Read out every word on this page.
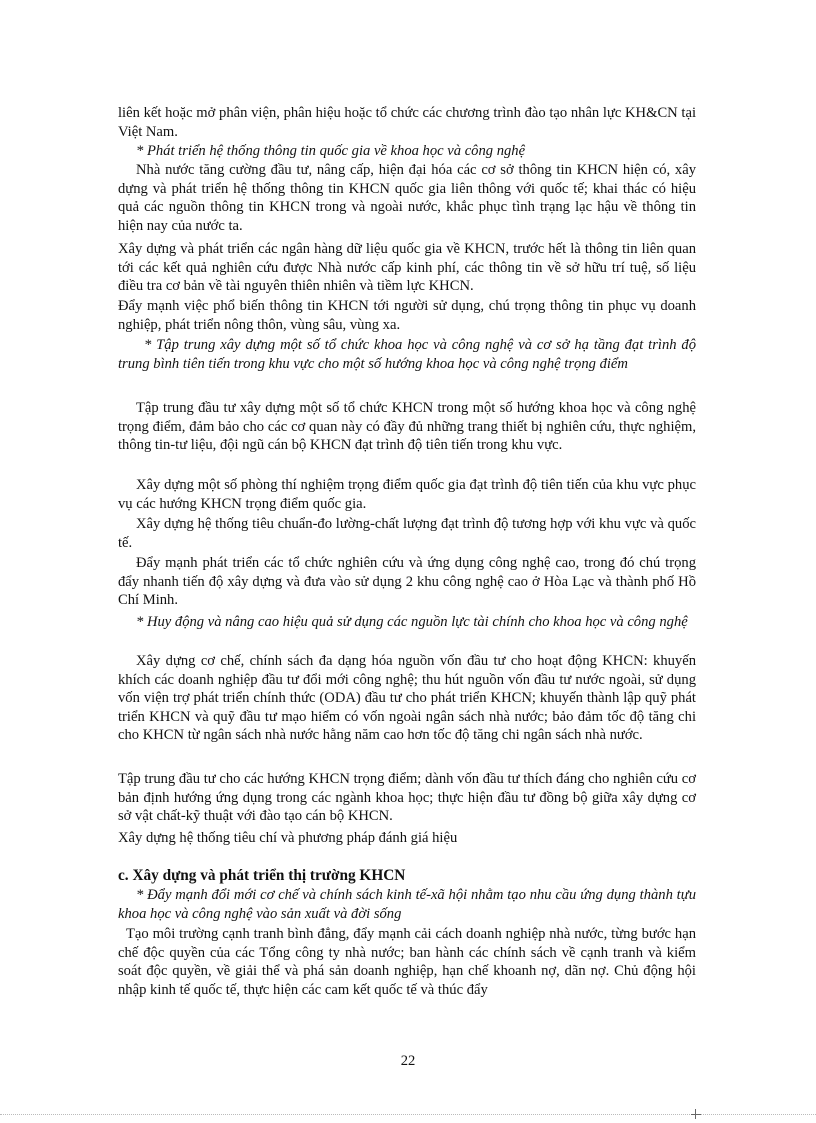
liên kết hoặc mở phân viện, phân hiệu hoặc tổ chức các chương trình đào tạo nhân lực KH&CN tại Việt Nam.

* Phát triển hệ thống thông tin quốc gia về khoa học và công nghệ

Nhà nước tăng cường đầu tư, nâng cấp, hiện đại hóa các cơ sở thông tin KHCN hiện có, xây dựng và phát triển hệ thống thông tin KHCN quốc gia liên thông với quốc tế; khai thác có hiệu quả các nguồn thông tin KHCN trong và ngoài nước, khắc phục tình trạng lạc hậu về thông tin hiện nay của nước ta.

Xây dựng và phát triển các ngân hàng dữ liệu quốc gia về KHCN, trước hết là thông tin liên quan tới các kết quả nghiên cứu được Nhà nước cấp kinh phí, các thông tin về sở hữu trí tuệ, số liệu điều tra cơ bản về tài nguyên thiên nhiên và tiềm lực KHCN.

Đẩy mạnh việc phổ biến thông tin KHCN tới người sử dụng, chú trọng thông tin phục vụ doanh nghiệp, phát triển nông thôn, vùng sâu, vùng xa.

* Tập trung xây dựng một số tổ chức khoa học và công nghệ và cơ sở hạ tầng đạt trình độ trung bình tiên tiến trong khu vực cho một số hướng khoa học và công nghệ trọng điểm

Tập trung đầu tư xây dựng một số tổ chức KHCN trong một số hướng khoa học và công nghệ trọng điểm, đảm bảo cho các cơ quan này có đầy đủ những trang thiết bị nghiên cứu, thực nghiệm, thông tin-tư liệu, đội ngũ cán bộ KHCN đạt trình độ tiên tiến trong khu vực.

Xây dựng một số phòng thí nghiệm trọng điểm quốc gia đạt trình độ tiên tiến của khu vực phục vụ các hướng KHCN trọng điểm quốc gia.

Xây dựng hệ thống tiêu chuẩn-đo lường-chất lượng đạt trình độ tương hợp với khu vực và quốc tế.

Đẩy mạnh phát triển các tổ chức nghiên cứu và ứng dụng công nghệ cao, trong đó chú trọng đẩy nhanh tiến độ xây dựng và đưa vào sử dụng 2 khu công nghệ cao ở Hòa Lạc và thành phố Hồ Chí Minh.

* Huy động và nâng cao hiệu quả sử dụng các nguồn lực tài chính cho khoa học và công nghệ

Xây dựng cơ chế, chính sách đa dạng hóa nguồn vốn đầu tư cho hoạt động KHCN: khuyến khích các doanh nghiệp đầu tư đổi mới công nghệ; thu hút nguồn vốn đầu tư nước ngoài, sử dụng vốn viện trợ phát triển chính thức (ODA) đầu tư cho phát triển KHCN; khuyến thành lập quỹ phát triển KHCN và quỹ đầu tư mạo hiểm có vốn ngoài ngân sách nhà nước; bảo đảm tốc độ tăng chi cho KHCN từ ngân sách nhà nước hằng năm cao hơn tốc độ tăng chi ngân sách nhà nước.

Tập trung đầu tư cho các hướng KHCN trọng điểm; dành vốn đầu tư thích đáng cho nghiên cứu cơ bản định hướng ứng dụng trong các ngành khoa học; thực hiện đầu tư đồng bộ giữa xây dựng cơ sở vật chất-kỹ thuật với đào tạo cán bộ KHCN.

Xây dựng hệ thống tiêu chí và phương pháp đánh giá hiệu

c. Xây dựng và phát triển thị trường KHCN

* Đẩy mạnh đổi mới cơ chế và chính sách kinh tế-xã hội nhằm tạo nhu cầu ứng dụng thành tựu khoa học và công nghệ vào sản xuất và đời sống

Tạo môi trường cạnh tranh bình đẳng, đẩy mạnh cải cách doanh nghiệp nhà nước, từng bước hạn chế độc quyền của các Tổng công ty nhà nước; ban hành các chính sách về cạnh tranh và kiểm soát độc quyền, về giải thể và phá sản doanh nghiệp, hạn chế khoanh nợ, dãn nợ. Chủ động hội nhập kinh tế quốc tế, thực hiện các cam kết quốc tế và thúc đẩy

22
